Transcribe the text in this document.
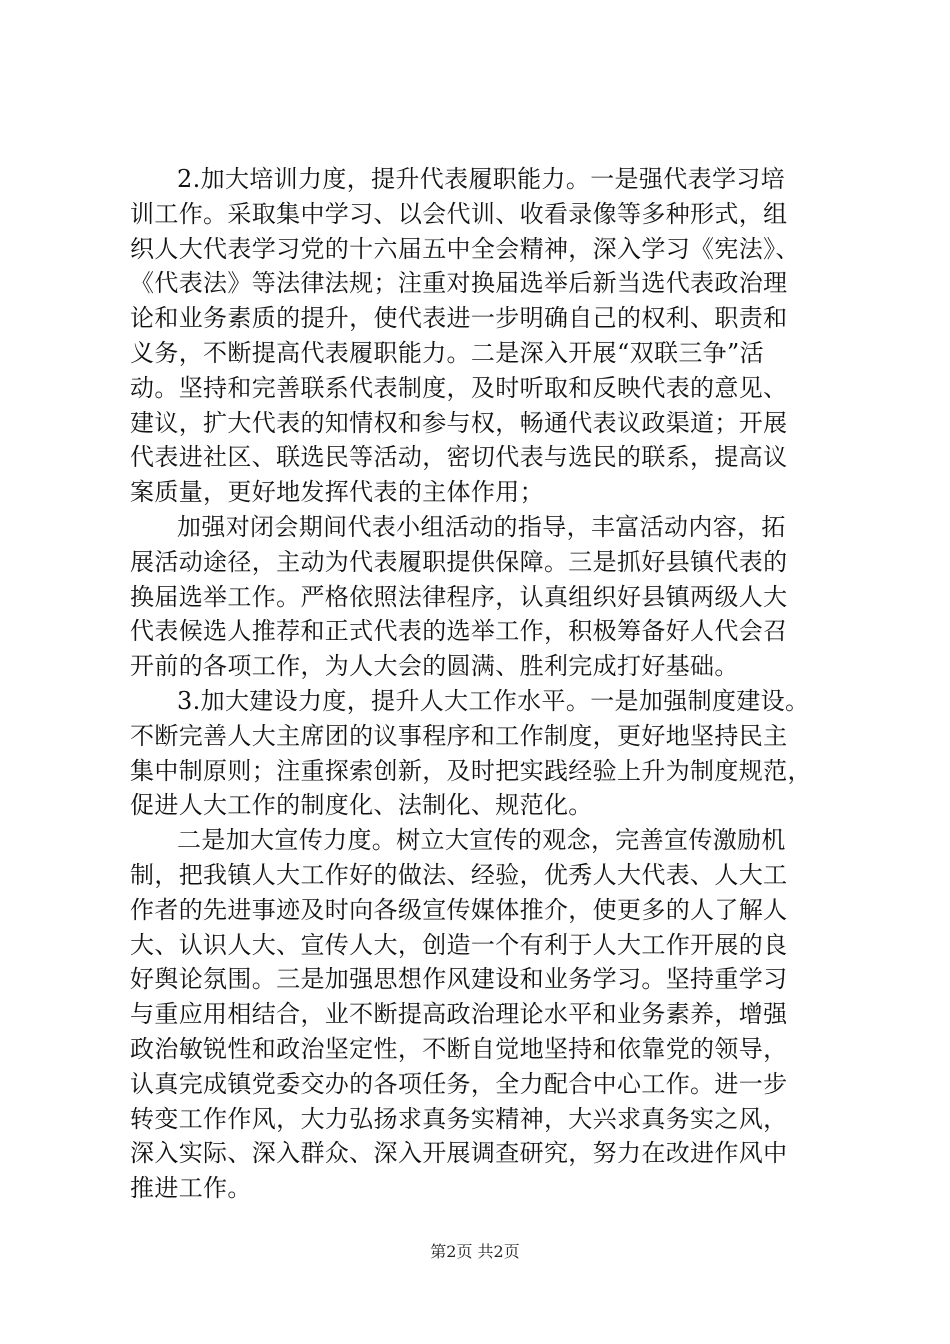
2.加大培训力度，提升代表履职能力。一是强代表学习培
训工作。采取集中学习、以会代训、收看录像等多种形式，组
织人大代表学习党的十六届五中全会精神，深入学习《宪法》、
《代表法》等法律法规；注重对换届选举后新当选代表政治理
论和业务素质的提升，使代表进一步明确自己的权利、职责和
义务，不断提高代表履职能力。二是深入开展“双联三争”活
动。坚持和完善联系代表制度，及时听取和反映代表的意见、
建议，扩大代表的知情权和参与权，畅通代表议政渠道；开展
代表进社区、联选民等活动，密切代表与选民的联系，提高议
案质量，更好地发挥代表的主体作用；
加强对闭会期间代表小组活动的指导，丰富活动内容，拓
展活动途径，主动为代表履职提供保障。三是抓好县镇代表的
换届选举工作。严格依照法律程序，认真组织好县镇两级人大
代表候选人推荐和正式代表的选举工作，积极筹备好人代会召
开前的各项工作，为人大会的圆满、胜利完成打好基础。
3.加大建设力度，提升人大工作水平。一是加强制度建设。
不断完善人大主席团的议事程序和工作制度，更好地坚持民主
集中制原则；注重探索创新，及时把实践经验上升为制度规范，
促进人大工作的制度化、法制化、规范化。
二是加大宣传力度。树立大宣传的观念，完善宣传激励机
制，把我镇人大工作好的做法、经验，优秀人大代表、人大工
作者的先进事迹及时向各级宣传媒体推介，使更多的人了解人
大、认识人大、宣传人大，创造一个有利于人大工作开展的良
好舆论氛围。三是加强思想作风建设和业务学习。坚持重学习
与重应用相结合，业不断提高政治理论水平和业务素养，增强
政治敏锐性和政治坚定性，不断自觉地坚持和依靠党的领导，
认真完成镇党委交办的各项任务，全力配合中心工作。进一步
转变工作作风，大力弘扬求真务实精神，大兴求真务实之风，
深入实际、深入群众、深入开展调查研究，努力在改进作风中
推进工作。
第2页 共2页
